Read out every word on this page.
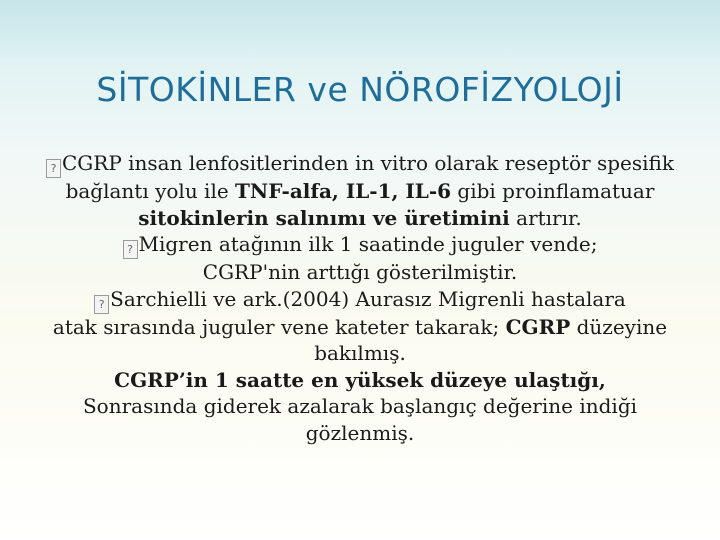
SİTOKİNLER ve NÖROFİZYOLOJİ
? CGRP insan lenfositlerinden in vitro olarak reseptör spesifik
bağlantı yolu ile TNF-alfa, IL-1, IL-6 gibi proinflamatuar
sitokinlerin salınımı ve üretimini artırır.
? Migren atağının ilk 1 saatinde juguler vende;
CGRP'nin arttığı gösterilmiştir.
? Sarchielli ve ark.(2004) Aurasız Migrenli hastalara
atak sırasında juguler vene kateter takarak; CGRP düzeyine
bakılmış.
CGRP’in 1 saatte en yüksek düzeye ulaştığı,
Sonrasında giderek azalarak başlangıç değerine indiği
gözlenmiş.
